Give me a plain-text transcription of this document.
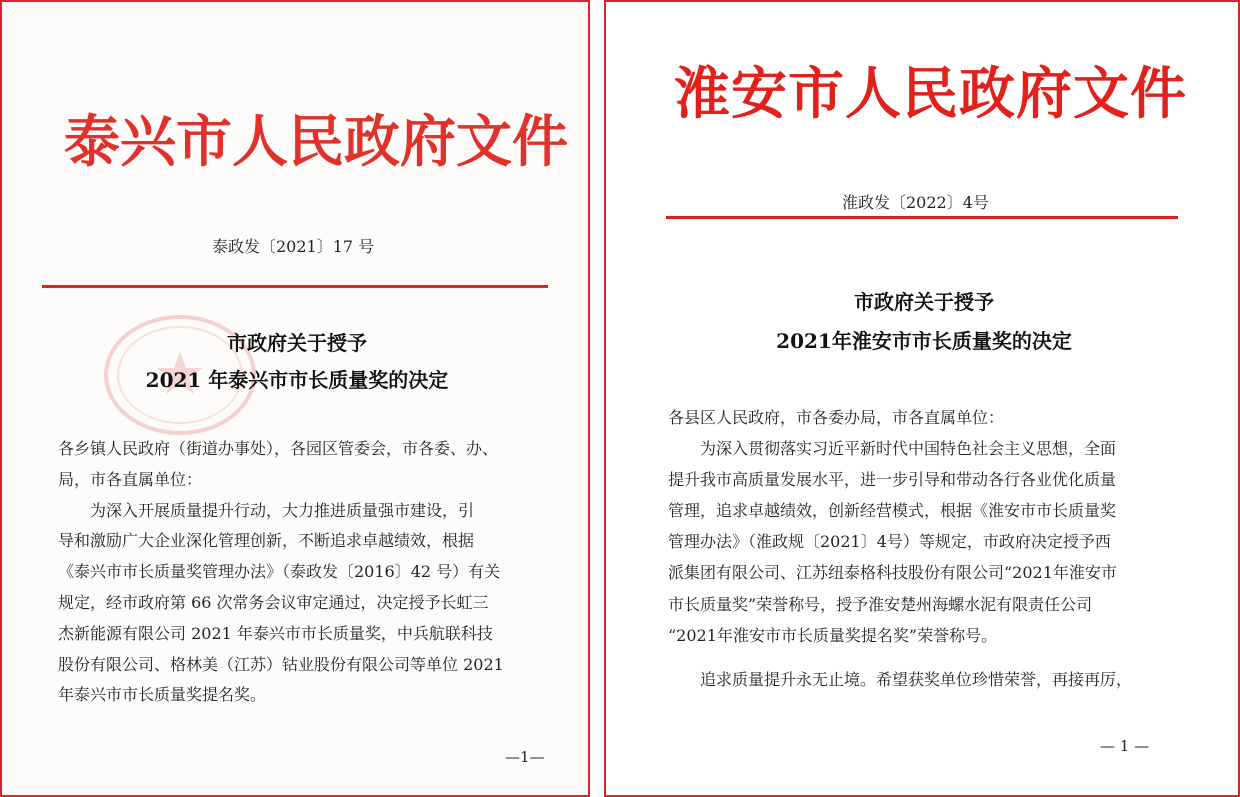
泰兴市人民政府文件
泰政发〔2021〕17 号
市政府关于授予
2021 年泰兴市市长质量奖的决定
各乡镇人民政府（街道办事处），各园区管委会，市各委、办、
局，市各直属单位：
　　为深入开展质量提升行动，大力推进质量强市建设，引
导和激励广大企业深化管理创新，不断追求卓越绩效，根据
《泰兴市市长质量奖管理办法》（泰政发〔2016〕42 号）有关
规定，经市政府第 66 次常务会议审定通过，决定授予长虹三
杰新能源有限公司 2021 年泰兴市市长质量奖，中兵航联科技
股份有限公司、格林美（江苏）钴业股份有限公司等单位 2021
年泰兴市市长质量奖提名奖。
—1—
淮安市人民政府文件
淮政发〔2022〕4号
市政府关于授予
2021年淮安市市长质量奖的决定
各县区人民政府，市各委办局，市各直属单位：
　　为深入贯彻落实习近平新时代中国特色社会主义思想，全面
提升我市高质量发展水平，进一步引导和带动各行各业优化质量
管理，追求卓越绩效，创新经营模式，根据《淮安市市长质量奖
管理办法》（淮政规〔2021〕4号）等规定，市政府决定授予西
派集团有限公司、江苏纽泰格科技股份有限公司“2021年淮安市
市长质量奖”荣誉称号，授予淮安楚州海螺水泥有限责任公司
“2021年淮安市市长质量奖提名奖”荣誉称号。
　　追求质量提升永无止境。希望获奖单位珍惜荣誉，再接再厉，
— 1 —
